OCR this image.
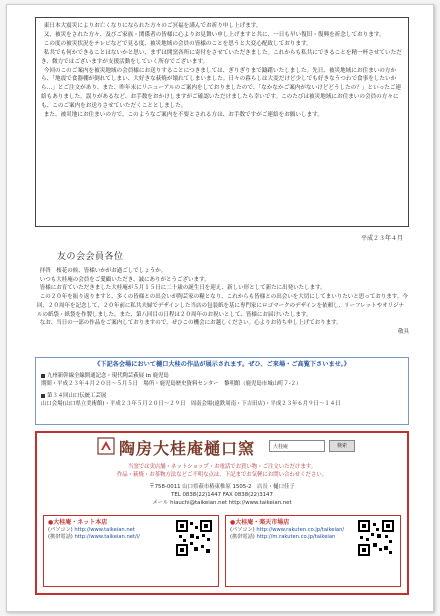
東日本大震災によりお亡くなりになられた方々のご冥福を謹んでお祈り申し上げます。

又、被災をされた方々、及びご家族・関係者の皆様に心よりお見舞い申し上げますと共に、一日も早い復旧・復興を祈念しております。

この度の被災状況をテレビなどで見る度、被災地域の会員の皆様のことを思うと大変心配致しております。

私共でも何かできることはないかと思い、まずは開窯各所に寄付をさせていただきました。これからも私共にできることを精一杯させていただき、微力ではございますが支援活動をしていく所存でございます。

今回のこのご案内を被災地域の会員様にお送りすることにつきましては、ぎりぎりまで躊躇いたしました。先日、被災地域にお住まいの方から、「地震で食器棚が倒れてしまい、大好きな萩焼が壊れてしまいました。日々の暮らしは大変だけど少しでも好きなうつわで食事をしたいから…」とご注文があり、また、昨年末にリニューアルのご案内をしておりましたので、「なかなかご案内がないけどどうしたの？」といったご連絡もありました。誤りがあるなど、お手数をおかけしますがご確認いただけましたら幸いです。このたびは被災地域にお住まいの会員の方々にも、このご案内をお送りさせていただくこととしました。

また、被災地にお住まいの方で、このようなご案内を不要とされる方は、お手数ですがご連絡をお願いします。

平成２３年４月
友の会会員各位

拝啓　桜花の候、皆様いかがお過ごしでしょうか。

いつも大桂庵の会員をご愛顧いただき、誠にありがとうございます。

皆様にお育ていただきました大桂庵が５月１５日に二十歳の誕生日を迎え、新しい形として新たに出発いたします。

この２０年を振り返りますと、多くの皆様との出会いが陶芸家の糧となり、これからも皆様との出会いを大切にしてまいりたいと思っております。今回、２０周年を記念して、２０年前に私共夫婦でデザインした当店の包装紙を基に専門家にロゴマークのデザインを依頼し、リーフレットやオリジナルの紙袋・紙袋を作製しました。また、第八回目の日程は２０周年のお祝いとして、皆様にお届けいたします。

なお、当日の一部の作品をご案内しておりますので、ぜひこの機会にお越しください。心よりお待ち申し上げております。

敬具

《下記各会場において樋口大桂の作品が展示されます。ぜひ、ご来場・ご高覧下さいませ。》
九州新幹線全線開通記念・現代陶芸萩展 in 鹿児島
期間・平成２３年４月２０日～５月５日　場所・鹿児島歴史資料センター　黎明館（鹿児島市城山町７-２）
第３４回山口伝統工芸展
山口会場(山口県立美術館)・平成２３年５月２０日～２９日　周南会場(遠鉄周南・下吉田店)・平成２３年６月９日～１４日
陶房大桂庵樋口窯	大桂庵	検索
当窯では実店舗・ネットショップ・お電話でお買い物・ご注文いただけます。
作品・萩焼・お茶物方法などご不明な点は、下記までお気軽にお問い合わせください。
〒758-0011 山口県萩市椿東椎原 1505-2　店長・樋口佳子
TEL 0838(22)1447 FAX 0838(22)3147
メール hiauchi@taikeian.net http://www.taikeian.net
●大桂庵・ネット本店
(パソコン) http://www.taikeian.net
(携帯電話) http://www.taikeian.net/i/
●大桂庵・楽天市場店
(パソコン) http://www.rakuten.co.jp/taikeian/
(携帯電話) http://m.rakuten.co.jp/taikeian
